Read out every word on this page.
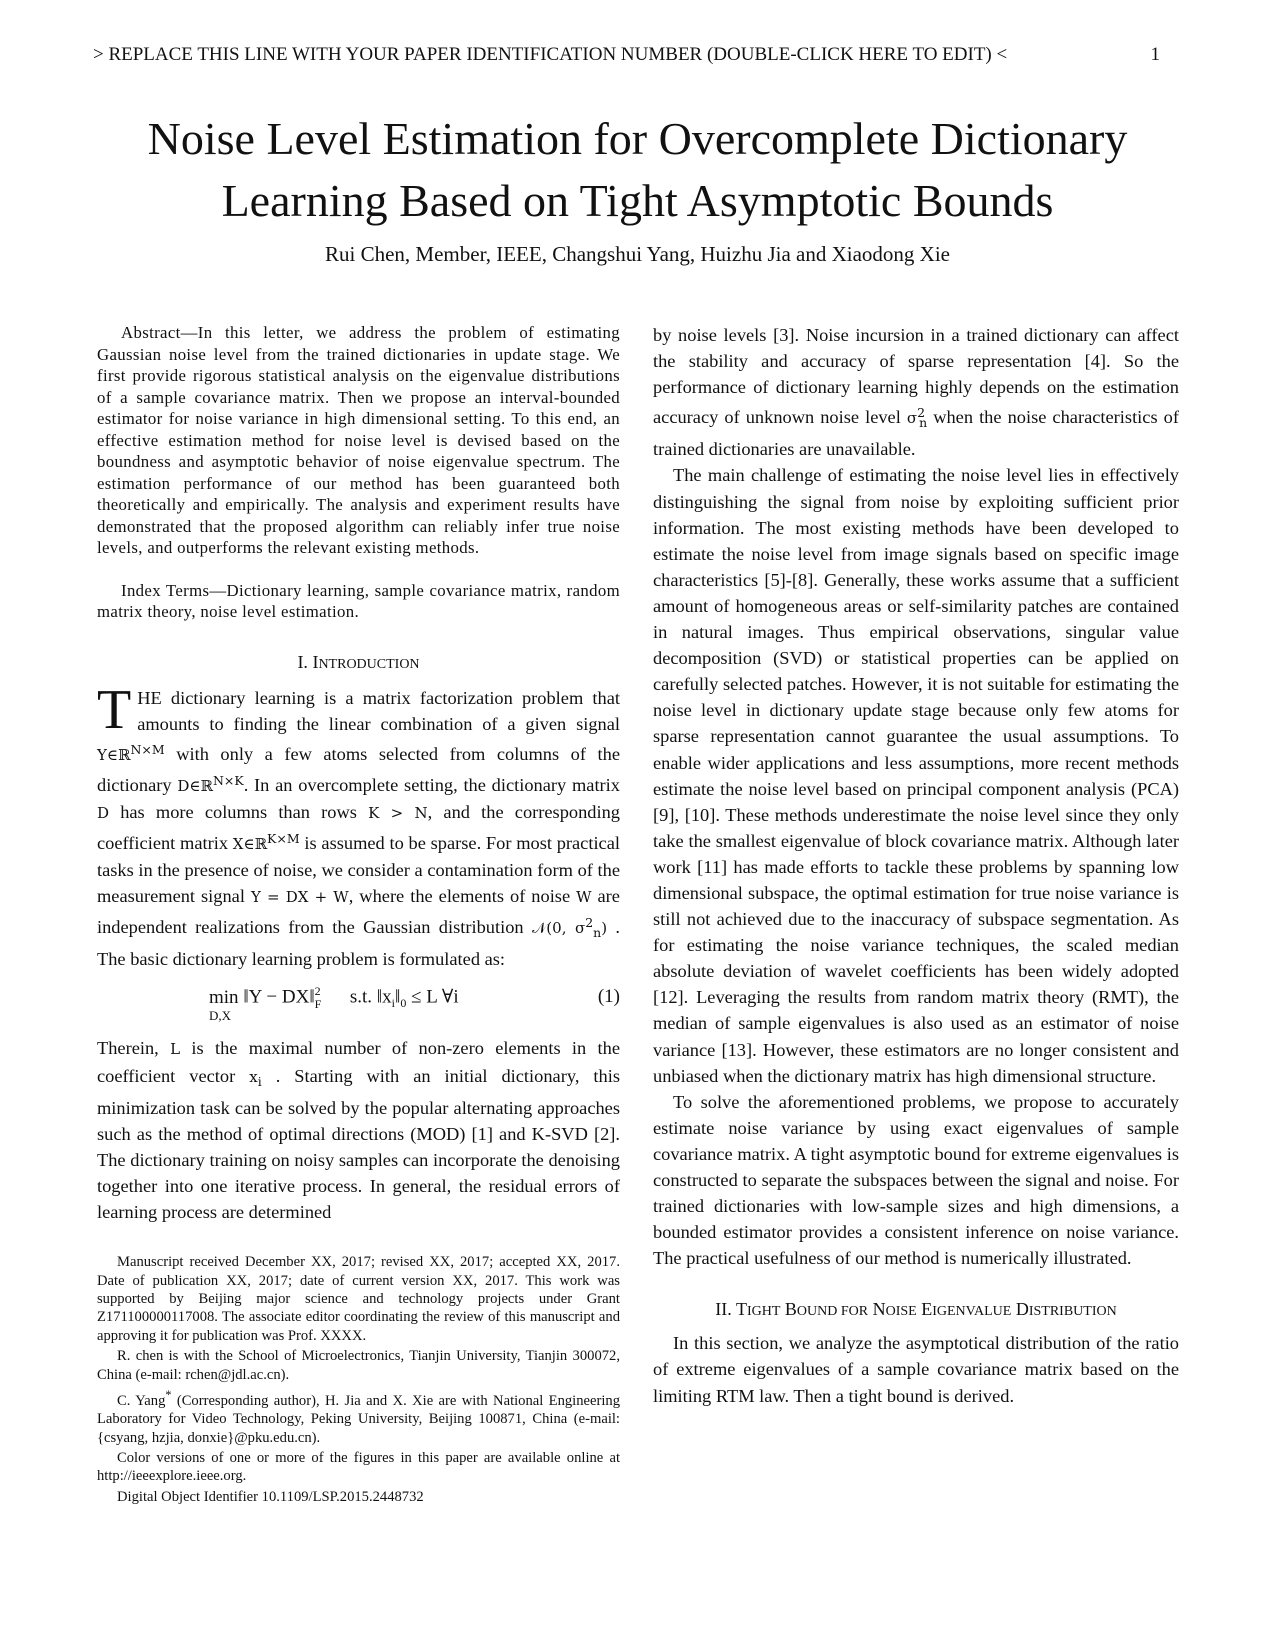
> REPLACE THIS LINE WITH YOUR PAPER IDENTIFICATION NUMBER (DOUBLE-CLICK HERE TO EDIT) <	1
Noise Level Estimation for Overcomplete Dictionary
Learning Based on Tight Asymptotic Bounds
Rui Chen, Member, IEEE, Changshui Yang, Huizhu Jia and Xiaodong Xie

Abstract—In this letter, we address the problem of estimating Gaussian noise level from the trained dictionaries in update stage. We first provide rigorous statistical analysis on the eigenvalue distributions of a sample covariance matrix. Then we propose an interval-bounded estimator for noise variance in high dimensional setting. To this end, an effective estimation method for noise level is devised based on the boundness and asymptotic behavior of noise eigenvalue spectrum. The estimation performance of our method has been guaranteed both theoretically and empirically. The analysis and experiment results have demonstrated that the proposed algorithm can reliably infer true noise levels, and outperforms the relevant existing methods.

Index Terms—Dictionary learning, sample covariance matrix, random matrix theory, noise level estimation.

I. INTRODUCTION

THE dictionary learning is a matrix factorization problem that amounts to finding the linear combination of a given signal Y∈ℝ$^{N\times M}$ with only a few atoms selected from columns of the dictionary D∈ℝ$^{N\times K}$. In an overcomplete setting, the dictionary matrix D has more columns than rows K > N, and the corresponding coefficient matrix X∈ℝ$^{K\times M}$ is assumed to be sparse. For most practical tasks in the presence of noise, we consider a contamination form of the measurement signal Y = DX + W, where the elements of noise W are independent realizations from the Gaussian distribution 𝒩(0, $\sigma^2_n$) . The basic dictionary learning problem is formulated as:

min
D,X
‖Y − DX‖$^2_F$ s.t. $‖x_i‖_0 \le L$ ∀i	(1)

Therein, L is the maximal number of non-zero elements in the coefficient vector $x_i$ . Starting with an initial dictionary, this minimization task can be solved by the popular alternating approaches such as the method of optimal directions (MOD) [1] and K-SVD [2]. The dictionary training on noisy samples can incorporate the denoising together into one iterative process. In general, the residual errors of learning process are determined

Manuscript received December XX, 2017; revised XX, 2017; accepted XX, 2017. Date of publication XX, 2017; date of current version XX, 2017. This work was supported by Beijing major science and technology projects under Grant Z171100000117008. The associate editor coordinating the review of this manuscript and approving it for publication was Prof. XXXX.

R. chen is with the School of Microelectronics, Tianjin University, Tianjin 300072, China (e-mail: rchen@jdl.ac.cn).

C. Yang* (Corresponding author), H. Jia and X. Xie are with National Engineering Laboratory for Video Technology, Peking University, Beijing 100871, China (e-mail: {csyang, hzjia, donxie}@pku.edu.cn).

Color versions of one or more of the figures in this paper are available online at http://ieeexplore.ieee.org.

Digital Object Identifier 10.1109/LSP.2015.2448732

by noise levels [3]. Noise incursion in a trained dictionary can affect the stability and accuracy of sparse representation [4]. So the performance of dictionary learning highly depends on the estimation accuracy of unknown noise level $\sigma^2_n$ when the noise characteristics of trained dictionaries are unavailable.

The main challenge of estimating the noise level lies in effectively distinguishing the signal from noise by exploiting sufficient prior information. The most existing methods have been developed to estimate the noise level from image signals based on specific image characteristics [5]-[8]. Generally, these works assume that a sufficient amount of homogeneous areas or self-similarity patches are contained in natural images. Thus empirical observations, singular value decomposition (SVD) or statistical properties can be applied on carefully selected patches. However, it is not suitable for estimating the noise level in dictionary update stage because only few atoms for sparse representation cannot guarantee the usual assumptions. To enable wider applications and less assumptions, more recent methods estimate the noise level based on principal component analysis (PCA) [9], [10]. These methods underestimate the noise level since they only take the smallest eigenvalue of block covariance matrix. Although later work [11] has made efforts to tackle these problems by spanning low dimensional subspace, the optimal estimation for true noise variance is still not achieved due to the inaccuracy of subspace segmentation. As for estimating the noise variance techniques, the scaled median absolute deviation of wavelet coefficients has been widely adopted [12]. Leveraging the results from random matrix theory (RMT), the median of sample eigenvalues is also used as an estimator of noise variance [13]. However, these estimators are no longer consistent and unbiased when the dictionary matrix has high dimensional structure.

To solve the aforementioned problems, we propose to accurately estimate noise variance by using exact eigenvalues of sample covariance matrix. A tight asymptotic bound for extreme eigenvalues is constructed to separate the subspaces between the signal and noise. For trained dictionaries with low-sample sizes and high dimensions, a bounded estimator provides a consistent inference on noise variance. The practical usefulness of our method is numerically illustrated.

II. TIGHT BOUND FOR NOISE EIGENVALUE DISTRIBUTION

In this section, we analyze the asymptotical distribution of the ratio of extreme eigenvalues of a sample covariance matrix based on the limiting RTM law. Then a tight bound is derived.
